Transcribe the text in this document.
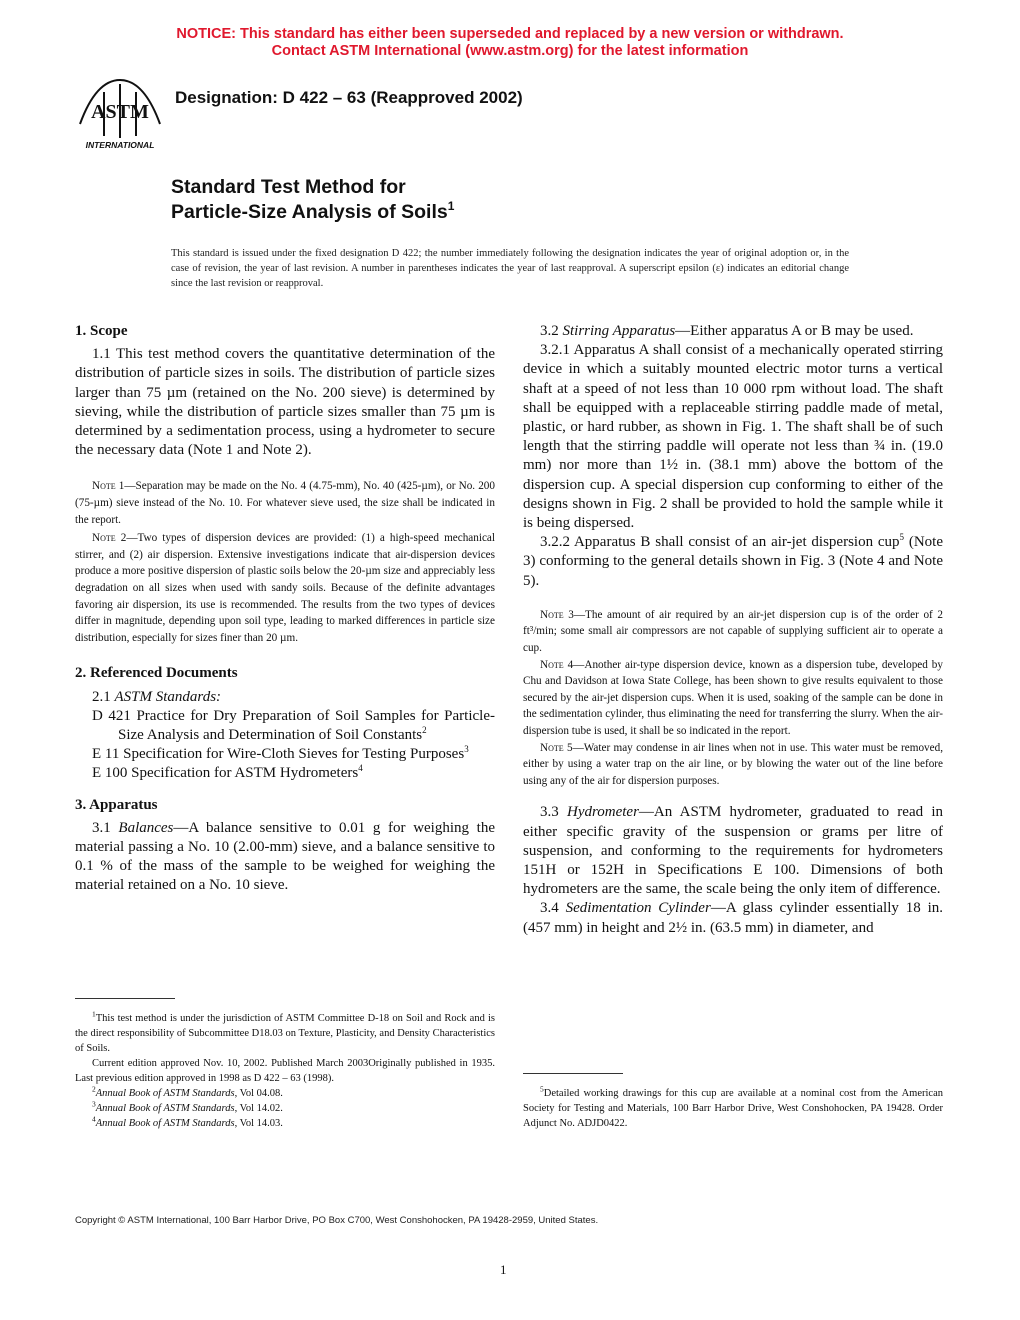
NOTICE: This standard has either been superseded and replaced by a new version or withdrawn.
Contact ASTM International (www.astm.org) for the latest information
ASTM
INTERNATIONAL
Designation: D 422 – 63 (Reapproved 2002)
Standard Test Method for
Particle-Size Analysis of Soils$^1$
This standard is issued under the fixed designation D 422; the number immediately following the designation indicates the year of original adoption or, in the case of revision, the year of last revision. A number in parentheses indicates the year of last reapproval. A superscript epsilon (ε) indicates an editorial change since the last revision or reapproval.

1. Scope

1.1 This test method covers the quantitative determination of the distribution of particle sizes in soils. The distribution of particle sizes larger than 75 µm (retained on the No. 200 sieve) is determined by sieving, while the distribution of particle sizes smaller than 75 µm is determined by a sedimentation process, using a hydrometer to secure the necessary data (Note 1 and Note 2).

Note 1—Separation may be made on the No. 4 (4.75-mm), No. 40 (425-µm), or No. 200 (75-µm) sieve instead of the No. 10. For whatever sieve used, the size shall be indicated in the report.

Note 2—Two types of dispersion devices are provided: (1) a high-speed mechanical stirrer, and (2) air dispersion. Extensive investigations indicate that air-dispersion devices produce a more positive dispersion of plastic soils below the 20-µm size and appreciably less degradation on all sizes when used with sandy soils. Because of the definite advantages favoring air dispersion, its use is recommended. The results from the two types of devices differ in magnitude, depending upon soil type, leading to marked differences in particle size distribution, especially for sizes finer than 20 µm.

2. Referenced Documents

2.1 ASTM Standards:

D 421 Practice for Dry Preparation of Soil Samples for Particle-Size Analysis and Determination of Soil Constants$^2$

E 11 Specification for Wire-Cloth Sieves for Testing Purposes$^3$

E 100 Specification for ASTM Hydrometers$^4$

3. Apparatus

3.1 Balances—A balance sensitive to 0.01 g for weighing the material passing a No. 10 (2.00-mm) sieve, and a balance sensitive to 0.1 % of the mass of the sample to be weighed for weighing the material retained on a No. 10 sieve.

$^1$This test method is under the jurisdiction of ASTM Committee D-18 on Soil and Rock and is the direct responsibility of Subcommittee D18.03 on Texture, Plasticity, and Density Characteristics of Soils.

Current edition approved Nov. 10, 2002. Published March 2003Originally published in 1935. Last previous edition approved in 1998 as D 422 – 63 (1998).

$^2$Annual Book of ASTM Standards, Vol 04.08.

$^3$Annual Book of ASTM Standards, Vol 14.02.

$^4$Annual Book of ASTM Standards, Vol 14.03.

3.2 Stirring Apparatus—Either apparatus A or B may be used.

3.2.1 Apparatus A shall consist of a mechanically operated stirring device in which a suitably mounted electric motor turns a vertical shaft at a speed of not less than 10 000 rpm without load. The shaft shall be equipped with a replaceable stirring paddle made of metal, plastic, or hard rubber, as shown in Fig. 1. The shaft shall be of such length that the stirring paddle will operate not less than ¾ in. (19.0 mm) nor more than 1½ in. (38.1 mm) above the bottom of the dispersion cup. A special dispersion cup conforming to either of the designs shown in Fig. 2 shall be provided to hold the sample while it is being dispersed.

3.2.2 Apparatus B shall consist of an air-jet dispersion cup$^5$ (Note 3) conforming to the general details shown in Fig. 3 (Note 4 and Note 5).

Note 3—The amount of air required by an air-jet dispersion cup is of the order of 2 ft³/min; some small air compressors are not capable of supplying sufficient air to operate a cup.

Note 4—Another air-type dispersion device, known as a dispersion tube, developed by Chu and Davidson at Iowa State College, has been shown to give results equivalent to those secured by the air-jet dispersion cups. When it is used, soaking of the sample can be done in the sedimentation cylinder, thus eliminating the need for transferring the slurry. When the air-dispersion tube is used, it shall be so indicated in the report.

Note 5—Water may condense in air lines when not in use. This water must be removed, either by using a water trap on the air line, or by blowing the water out of the line before using any of the air for dispersion purposes.

3.3 Hydrometer—An ASTM hydrometer, graduated to read in either specific gravity of the suspension or grams per litre of suspension, and conforming to the requirements for hydrometers 151H or 152H in Specifications E 100. Dimensions of both hydrometers are the same, the scale being the only item of difference.

3.4 Sedimentation Cylinder—A glass cylinder essentially 18 in. (457 mm) in height and 2½ in. (63.5 mm) in diameter, and

$^5$Detailed working drawings for this cup are available at a nominal cost from the American Society for Testing and Materials, 100 Barr Harbor Drive, West Conshohocken, PA 19428. Order Adjunct No. ADJD0422.

Copyright © ASTM International, 100 Barr Harbor Drive, PO Box C700, West Conshohocken, PA 19428-2959, United States.
1
